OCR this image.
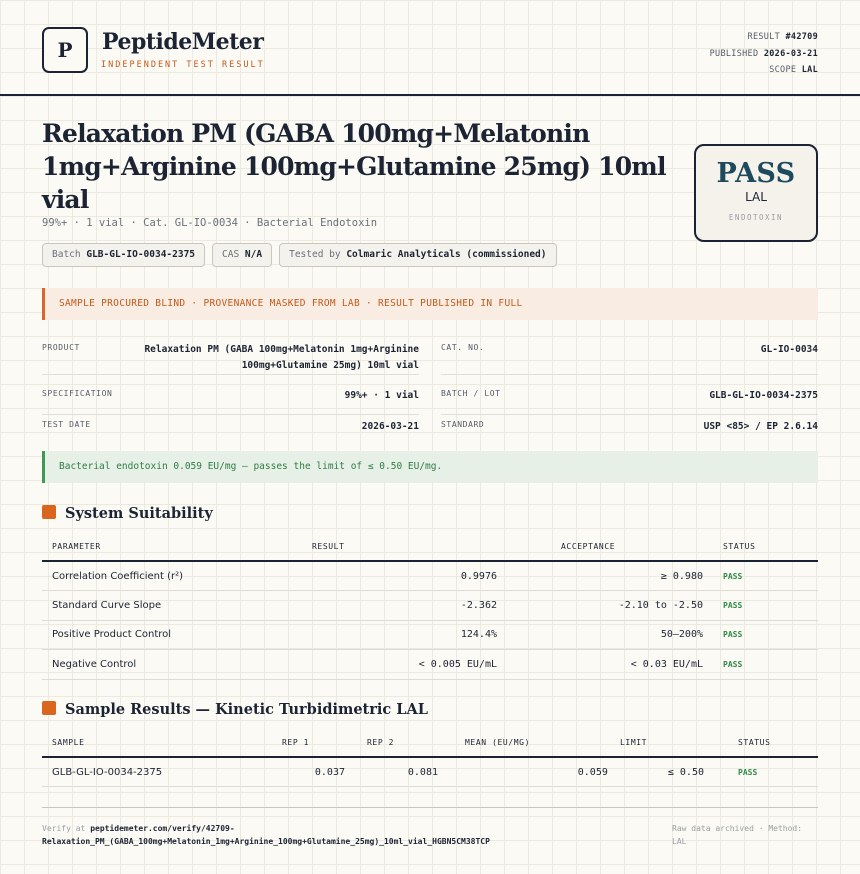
P	PeptideMeter
INDEPENDENT TEST RESULT
RESULT #42709
PUBLISHED 2026-03-21
SCOPE LAL
Relaxation PM (GABA 100mg+Melatonin 1mg+Arginine 100mg+Glutamine 25mg) 10ml vial
99%+ · 1 vial · Cat. GL-IO-0034 · Bacterial Endotoxin
Batch GLB-GL-IO-0034-2375	CAS N/A	Tested by Colmaric Analyticals (commissioned)
PASS
LAL
ENDOTOXIN
SAMPLE PROCURED BLIND · PROVENANCE MASKED FROM LAB · RESULT PUBLISHED IN FULL
PRODUCT	Relaxation PM (GABA 100mg+Melatonin 1mg+Arginine
100mg+Glutamine 25mg) 10ml vial
CAT. NO.	GL-IO-0034
SPECIFICATION	99%+ · 1 vial	BATCH / LOT	GLB-GL-IO-0034-2375
TEST DATE	2026-03-21	STANDARD	USP <85> / EP 2.6.14
Bacterial endotoxin 0.059 EU/mg — passes the limit of ≤ 0.50 EU/mg.
System Suitability
PARAMETER	RESULT	ACCEPTANCE	STATUS
Correlation Coefficient (r²)	0.9976	≥ 0.980	PASS
Standard Curve Slope	-2.362	-2.10 to -2.50	PASS
Positive Product Control	124.4%	50–200%	PASS
Negative Control	< 0.005 EU/mL	< 0.03 EU/mL	PASS
Sample Results — Kinetic Turbidimetric LAL
SAMPLE	REP 1	REP 2	MEAN (EU/MG) LIMIT	STATUS
GLB-GL-IO-0034-2375	0.037	0.081	0.059 ≤ 0.50	PASS
Verify at peptidemeter.com/verify/42709-
Relaxation_PM_(GABA_100mg+Melatonin_1mg+Arginine_100mg+Glutamine_25mg)_10ml_vial_HGBN5CM38TCP
Raw data archived · Method: LAL
